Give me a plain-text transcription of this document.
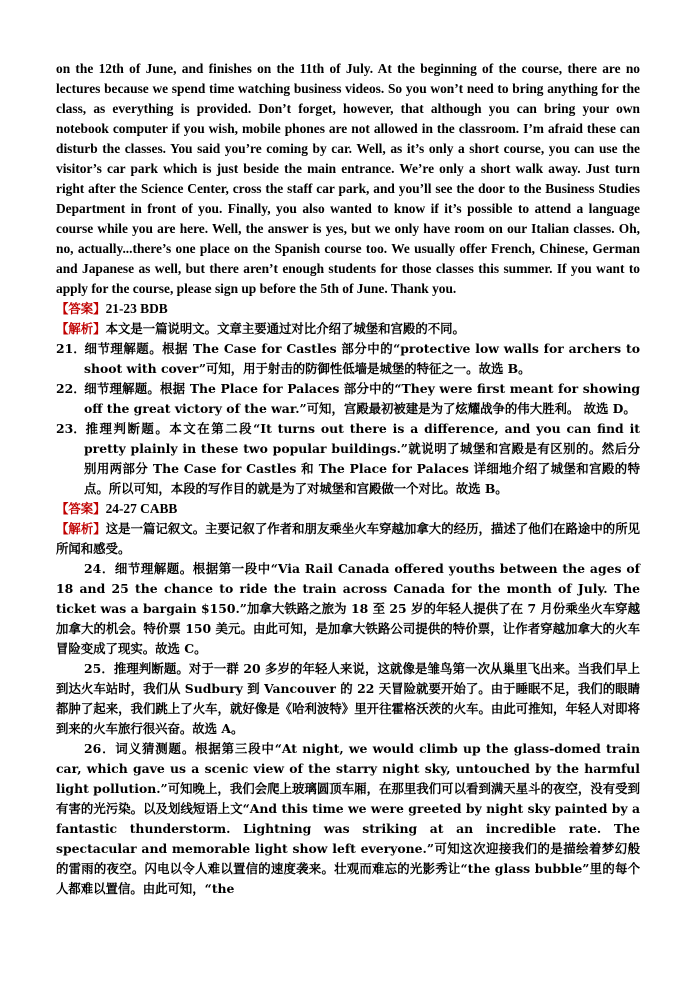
on the 12th of June, and finishes on the 11th of July. At the beginning of the course, there are no lectures because we spend time watching business videos. So you won’t need to bring anything for the class, as everything is provided. Don’t forget, however, that although you can bring your own notebook computer if you wish, mobile phones are not allowed in the classroom. I’m afraid these can disturb the classes. You said you’re coming by car. Well, as it’s only a short course, you can use the visitor’s car park which is just beside the main entrance. We’re only a short walk away. Just turn right after the Science Center, cross the staff car park, and you’ll see the door to the Business Studies Department in front of you. Finally, you also wanted to know if it’s possible to attend a language course while you are here. Well, the answer is yes, but we only have room on our Italian classes. Oh, no, actually...there’s one place on the Spanish course too. We usually offer French, Chinese, German and Japanese as well, but there aren’t enough students for those classes this summer. If you want to apply for the course, please sign up before the 5th of June. Thank you.

【答案】21-23 BDB

【解析】本文是一篇说明文。文章主要通过对比介绍了城堡和宫殿的不同。

21．细节理解题。根据 The Case for Castles 部分中的“protective low walls for archers to shoot with cover”可知，用于射击的防御性低墙是城堡的特征之一。故选 B。

22．细节理解题。根据 The Place for Palaces 部分中的“They were first meant for showing off the great victory of the war.”可知，宫殿最初被建是为了炫耀战争的伟大胜利。 故选 D。

23．推理判断题。本文在第二段“It turns out there is a difference, and you can find it pretty plainly in these two popular buildings.”就说明了城堡和宫殿是有区别的。然后分别用两部分 The Case for Castles 和 The Place for Palaces 详细地介绍了城堡和宫殿的特点。所以可知，本段的写作目的就是为了对城堡和宫殿做一个对比。故选 B。

【答案】24-27 CABB

【解析】这是一篇记叙文。主要记叙了作者和朋友乘坐火车穿越加拿大的经历，描述了他们在路途中的所见所闻和感受。

24．细节理解题。根据第一段中“Via Rail Canada offered youths between the ages of 18 and 25 the chance to ride the train across Canada for the month of July. The ticket was a bargain $150.”加拿大铁路之旅为 18 至 25 岁的年轻人提供了在 7 月份乘坐火车穿越加拿大的机会。特价票 150 美元。由此可知，是加拿大铁路公司提供的特价票，让作者穿越加拿大的火车冒险变成了现实。故选 C。

25．推理判断题。对于一群 20 多岁的年轻人来说，这就像是雏鸟第一次从巢里飞出来。当我们早上到达火车站时，我们从 Sudbury 到 Vancouver 的 22 天冒险就要开始了。由于睡眠不足，我们的眼睛都肿了起来，我们跳上了火车，就好像是《哈利波特》里开往霍格沃茨的火车。由此可推知，年轻人对即将到来的火车旅行很兴奋。故选 A。

26．词义猜测题。根据第三段中“At night, we would climb up the glass-domed train car, which gave us a scenic view of the starry night sky, untouched by the harmful light pollution.”可知晚上，我们会爬上玻璃圆顶车厢，在那里我们可以看到满天星斗的夜空，没有受到有害的光污染。以及划线短语上文“And this time we were greeted by night sky painted by a fantastic thunderstorm. Lightning was striking at an incredible rate. The spectacular and memorable light show left everyone.”可知这次迎接我们的是描绘着梦幻般的雷雨的夜空。闪电以令人难以置信的速度袭来。壮观而难忘的光影秀让“the glass bubble”里的每个人都难以置信。由此可知，“the
